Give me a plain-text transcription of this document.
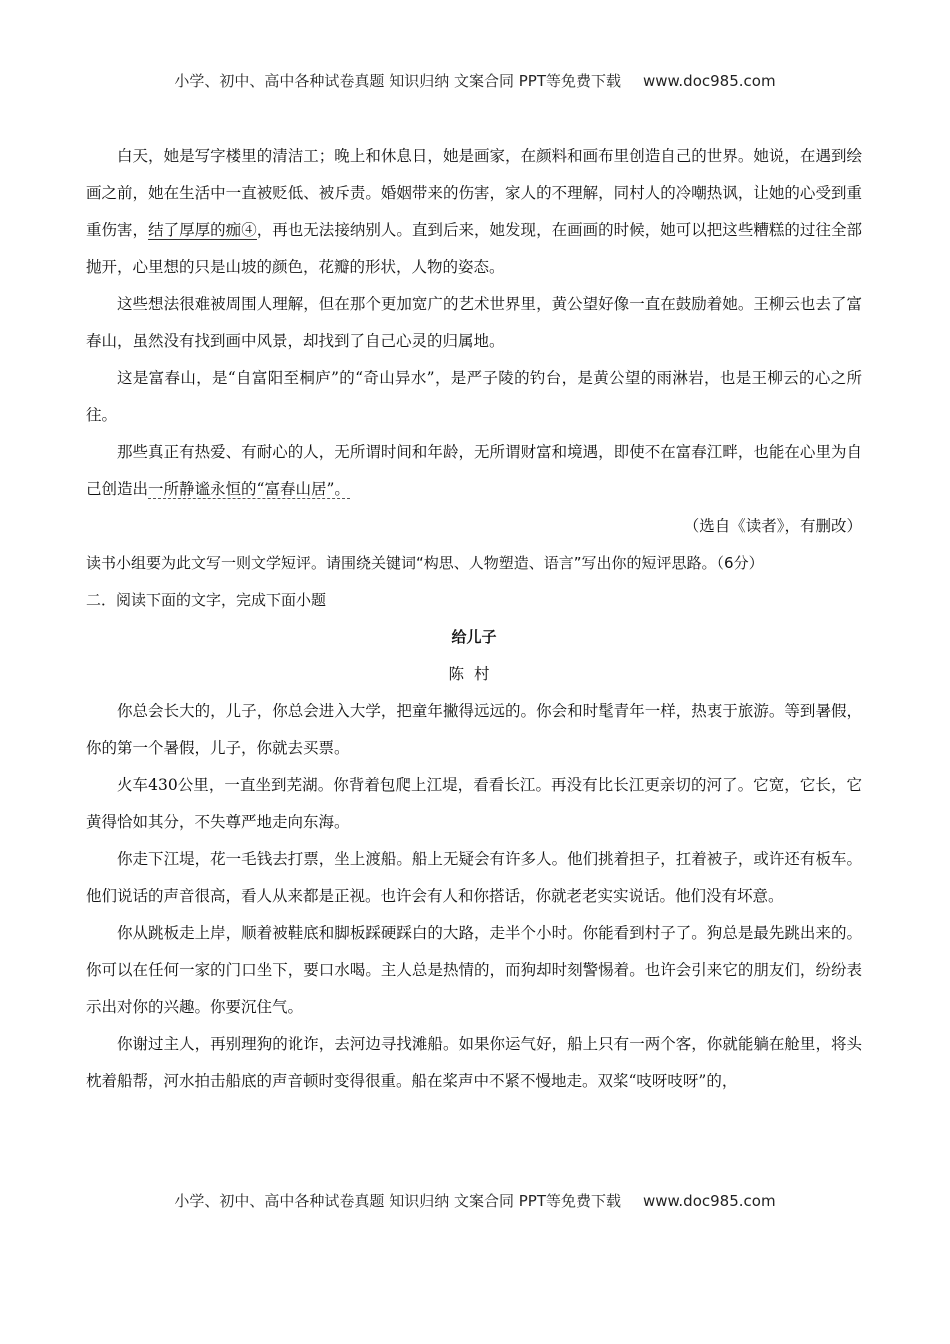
小学、初中、高中各种试卷真题 知识归纳 文案合同 PPT等免费下载 www.doc985.com

白天，她是写字楼里的清洁工；晚上和休息日，她是画家，在颜料和画布里创造自己的世界。她说，在遇到绘画之前，她在生活中一直被贬低、被斥责。婚姻带来的伤害，家人的不理解，同村人的冷嘲热讽，让她的心受到重重伤害，结了厚厚的痂④，再也无法接纳别人。直到后来，她发现，在画画的时候，她可以把这些糟糕的过往全部抛开，心里想的只是山坡的颜色，花瓣的形状，人物的姿态。

这些想法很难被周围人理解，但在那个更加宽广的艺术世界里，黄公望好像一直在鼓励着她。王柳云也去了富春山，虽然没有找到画中风景，却找到了自己心灵的归属地。

这是富春山，是“自富阳至桐庐”的“奇山异水”，是严子陵的钓台，是黄公望的雨淋岩，也是王柳云的心之所往。

那些真正有热爱、有耐心的人，无所谓时间和年龄，无所谓财富和境遇，即使不在富春江畔，也能在心里为自己创造出一所静谧永恒的“富春山居”。

（选自《读者》，有删改）

读书小组要为此文写一则文学短评。请围绕关键词“构思、人物塑造、语言”写出你的短评思路。（6分）

二．阅读下面的文字，完成下面小题

给儿子

陈村

你总会长大的，儿子，你总会进入大学，把童年撇得远远的。你会和时髦青年一样，热衷于旅游。等到暑假，你的第一个暑假，儿子，你就去买票。

火车430公里，一直坐到芜湖。你背着包爬上江堤，看看长江。再没有比长江更亲切的河了。它宽，它长，它黄得恰如其分，不失尊严地走向东海。

你走下江堤，花一毛钱去打票，坐上渡船。船上无疑会有许多人。他们挑着担子，扛着被子，或许还有板车。他们说话的声音很高，看人从来都是正视。也许会有人和你搭话，你就老老实实说话。他们没有坏意。

你从跳板走上岸，顺着被鞋底和脚板踩硬踩白的大路，走半个小时。你能看到村子了。狗总是最先跳出来的。你可以在任何一家的门口坐下，要口水喝。主人总是热情的，而狗却时刻警惕着。也许会引来它的朋友们，纷纷表示出对你的兴趣。你要沉住气。

你谢过主人，再别理狗的讹诈，去河边寻找滩船。如果你运气好，船上只有一两个客，你就能躺在舱里，将头枕着船帮，河水拍击船底的声音顿时变得很重。船在桨声中不紧不慢地走。双桨“吱呀吱呀”的，

小学、初中、高中各种试卷真题 知识归纳 文案合同 PPT等免费下载 www.doc985.com
